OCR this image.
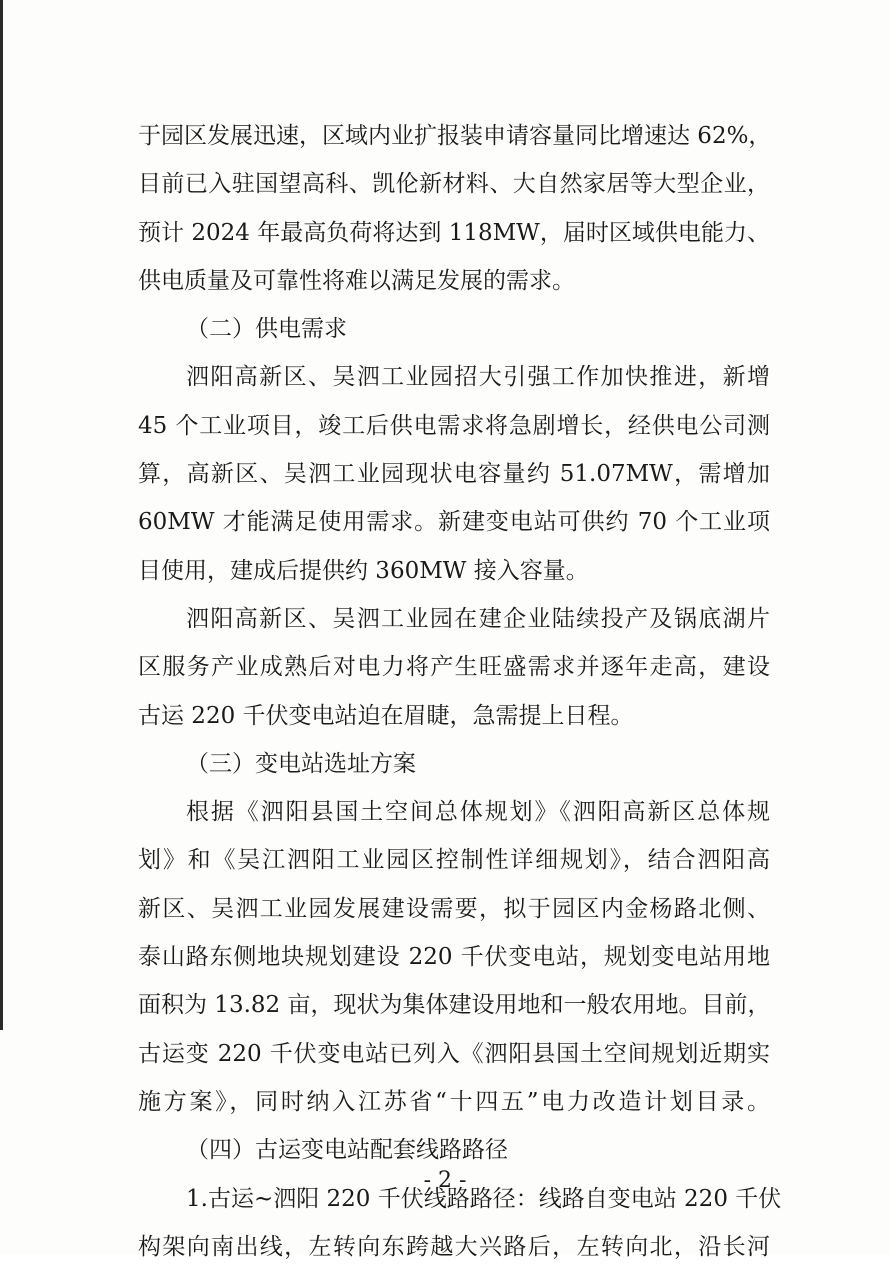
于园区发展迅速，区域内业扩报装申请容量同比增速达 62%，
目前已入驻国望高科、凯伦新材料、大自然家居等大型企业，
预计 2024 年最高负荷将达到 118MW，届时区域供电能力、
供电质量及可靠性将难以满足发展的需求。
（二）供电需求
泗阳高新区、吴泗工业园招大引强工作加快推进，新增
45 个工业项目，竣工后供电需求将急剧增长，经供电公司测
算，高新区、吴泗工业园现状电容量约 51.07MW，需增加
60MW 才能满足使用需求。新建变电站可供约 70 个工业项
目使用，建成后提供约 360MW 接入容量。
泗阳高新区、吴泗工业园在建企业陆续投产及锅底湖片
区服务产业成熟后对电力将产生旺盛需求并逐年走高，建设
古运 220 千伏变电站迫在眉睫，急需提上日程。
（三）变电站选址方案
根据《泗阳县国土空间总体规划》《泗阳高新区总体规
划》和《吴江泗阳工业园区控制性详细规划》，结合泗阳高
新区、吴泗工业园发展建设需要，拟于园区内金杨路北侧、
泰山路东侧地块规划建设 220 千伏变电站，规划变电站用地
面积为 13.82 亩，现状为集体建设用地和一般农用地。目前，
古运变 220 千伏变电站已列入《泗阳县国土空间规划近期实
施方案》，同时纳入江苏省“十四五”电力改造计划目录。
（四）古运变电站配套线路路径
1.古运~泗阳 220 千伏线路路径：线路自变电站 220 千伏
构架向南出线，左转向东跨越大兴路后，左转向北，沿长河
- 2 -
